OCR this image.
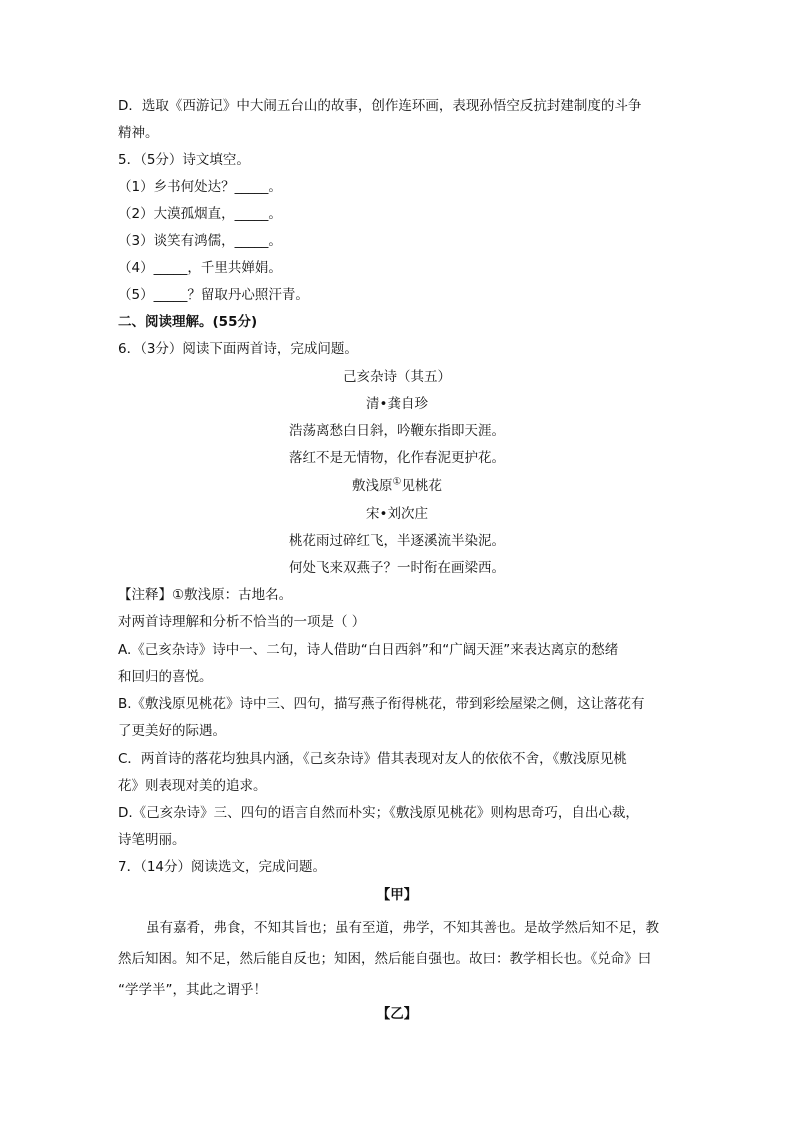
D．选取《西游记》中大闹五台山的故事，创作连环画，表现孙悟空反抗封建制度的斗争
精神。
5．（5分）诗文填空。
（1）乡书何处达？_____。
（2）大漠孤烟直，_____。
（3）谈笑有鸿儒，_____。
（4）_____，千里共婵娟。
（5）_____？留取丹心照汗青。
二、阅读理解。(55分)
6．（3分）阅读下面两首诗，完成问题。
己亥杂诗（其五）
清•龚自珍
浩荡离愁白日斜，吟鞭东指即天涯。
落红不是无情物，化作春泥更护花。
敷浅原①见桃花
宋•刘次庄
桃花雨过碎红飞，半逐溪流半染泥。
何处飞来双燕子？一时衔在画梁西。
【注释】①敷浅原：古地名。
对两首诗理解和分析不恰当的一项是（ ）
A.《己亥杂诗》诗中一、二句，诗人借助“白日西斜”和“广阔天涯”来表达离京的愁绪
和回归的喜悦。
B.《敷浅原见桃花》诗中三、四句，描写燕子衔得桃花，带到彩绘屋梁之侧，这让落花有
了更美好的际遇。
C．两首诗的落花均独具内涵，《己亥杂诗》借其表现对友人的依依不舍，《敷浅原见桃
花》则表现对美的追求。
D.《己亥杂诗》三、四句的语言自然而朴实；《敷浅原见桃花》则构思奇巧，自出心裁，
诗笔明丽。
7．（14分）阅读选文，完成问题。
【甲】
虽有嘉肴，弗食，不知其旨也；虽有至道，弗学，不知其善也。是故学然后知不足，教
然后知困。知不足，然后能自反也；知困，然后能自强也。故曰：教学相长也。《兑命》曰
“学学半”，其此之谓乎！
【乙】
